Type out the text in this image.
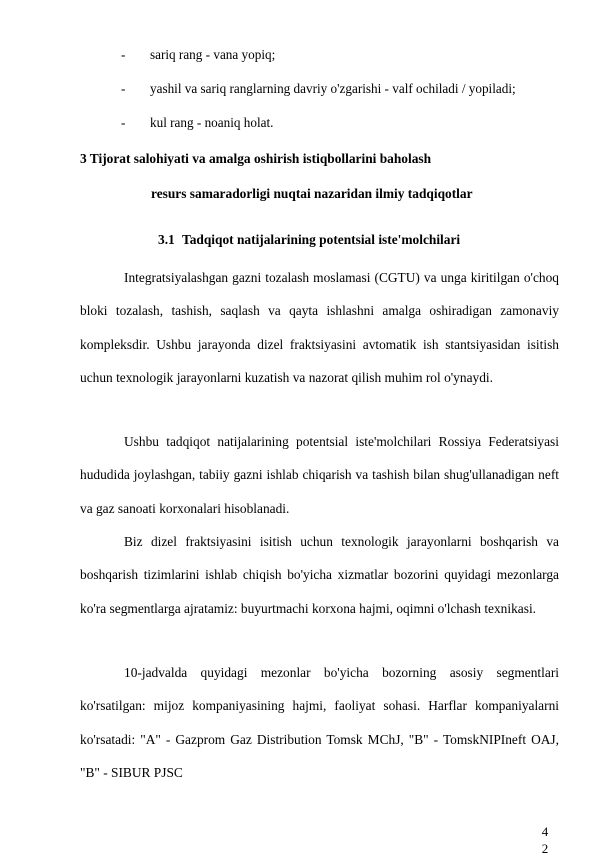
- sariq rang - vana yopiq;
- yashil va sariq ranglarning davriy o'zgarishi - valf ochiladi / yopiladi;
- kul rang - noaniq holat.
3 Tijorat salohiyati va amalga oshirish istiqbollarini baholash
resurs samaradorligi nuqtai nazaridan ilmiy tadqiqotlar
3.1 Tadqiqot natijalarining potentsial iste'molchilari

Integratsiyalashgan gazni tozalash moslamasi (CGTU) va unga kiritilgan o'choq bloki tozalash, tashish, saqlash va qayta ishlashni amalga oshiradigan zamonaviy kompleksdir. Ushbu jarayonda dizel fraktsiyasini avtomatik ish stantsiyasidan isitish uchun texnologik jarayonlarni kuzatish va nazorat qilish muhim rol o'ynaydi.

Ushbu tadqiqot natijalarining potentsial iste'molchilari Rossiya Federatsiyasi hududida joylashgan, tabiiy gazni ishlab chiqarish va tashish bilan shug'ullanadigan neft va gaz sanoati korxonalari hisoblanadi.

Biz dizel fraktsiyasini isitish uchun texnologik jarayonlarni boshqarish va boshqarish tizimlarini ishlab chiqish bo'yicha xizmatlar bozorini quyidagi mezonlarga ko'ra segmentlarga ajratamiz: buyurtmachi korxona hajmi, oqimni o'lchash texnikasi.

10-jadvalda quyidagi mezonlar bo'yicha bozorning asosiy segmentlari ko'rsatilgan: mijoz kompaniyasining hajmi, faoliyat sohasi. Harflar kompaniyalarni ko'rsatadi: "A" - Gazprom Gaz Distribution Tomsk MChJ, "B" - TomskNIPIneft OAJ, "B" - SIBUR PJSC

4
2
